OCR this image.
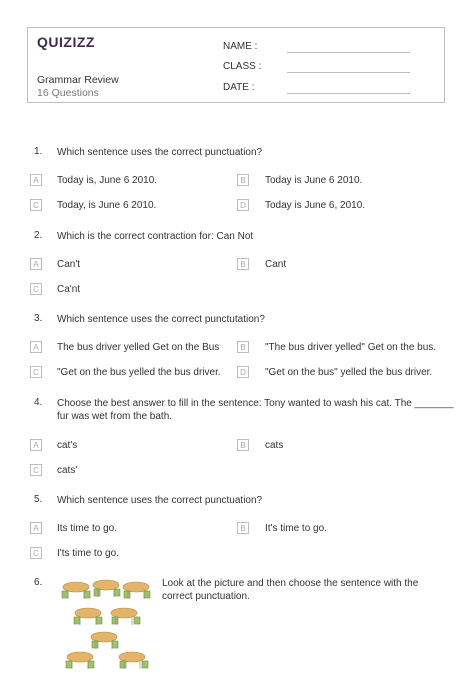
QUIZIZZ
Grammar Review
16 Questions
NAME :
CLASS :
DATE :
1. Which sentence uses the correct punctuation?
A	Today is, June 6 2010.	B	Today is June 6 2010.
C	Today, is June 6 2010.	D	Today is June 6, 2010.
2. Which is the correct contraction for: Can Not
A	Can't	B	Cant
C	Ca'nt
3. Which sentence uses the correct punctutation?
A	The bus driver yelled Get on the Bus	B	"The bus driver yelled" Get on the bus.
C	"Get on the bus yelled the bus driver.	D	"Get on the bus" yelled the bus driver.
4. Choose the best answer to fill in the sentence: Tony wanted to wash his cat. The _______
fur was wet from the bath.
A	cat's	B	cats
C	cats'
5. Which sentence uses the correct punctuation?
A	Its time to go.	B	It's time to go.
C	I'ts time to go.
6.	Look at the picture and then choose the sentence with the
correct punctuation.
